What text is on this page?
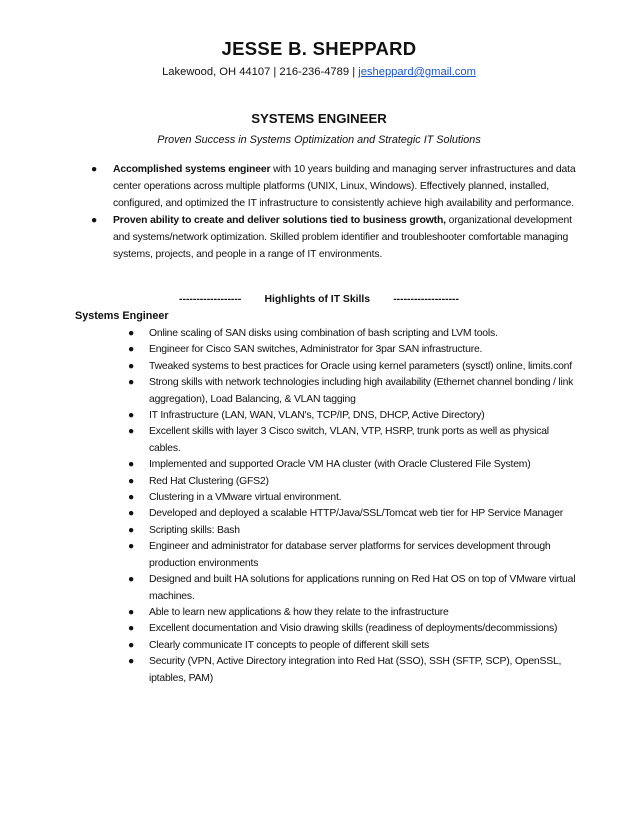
JESSE B. SHEPPARD
Lakewood, OH 44107 | 216-236-4789 | jesheppard@gmail.com
SYSTEMS ENGINEER
Proven Success in Systems Optimization and Strategic IT Solutions
● Accomplished systems engineer with 10 years building and managing server infrastructures and data center operations across multiple platforms (UNIX, Linux, Windows). Effectively planned, installed, configured, and optimized the IT infrastructure to consistently achieve high availability and performance.
● Proven ability to create and deliver solutions tied to business growth, organizational development and systems/network optimization. Skilled problem identifier and troubleshooter comfortable managing systems, projects, and people in a range of IT environments.
------------------ Highlights of IT Skills -------------------
Systems Engineer
● Online scaling of SAN disks using combination of bash scripting and LVM tools.
● Engineer for Cisco SAN switches, Administrator for 3par SAN infrastructure.
● Tweaked systems to best practices for Oracle using kernel parameters (sysctl) online, limits.conf
● Strong skills with network technologies including high availability (Ethernet channel bonding / link aggregation), Load Balancing, & VLAN tagging
● IT Infrastructure (LAN, WAN, VLAN's, TCP/IP, DNS, DHCP, Active Directory)
● Excellent skills with layer 3 Cisco switch, VLAN, VTP, HSRP, trunk ports as well as physical cables.
● Implemented and supported Oracle VM HA cluster (with Oracle Clustered File System)
● Red Hat Clustering (GFS2)
● Clustering in a VMware virtual environment.
● Developed and deployed a scalable HTTP/Java/SSL/Tomcat web tier for HP Service Manager
● Scripting skills: Bash
● Engineer and administrator for database server platforms for services development through production environments
● Designed and built HA solutions for applications running on Red Hat OS on top of VMware virtual machines.
● Able to learn new applications & how they relate to the infrastructure
● Excellent documentation and Visio drawing skills (readiness of deployments/decommissions)
● Clearly communicate IT concepts to people of different skill sets
● Security (VPN, Active Directory integration into Red Hat (SSO), SSH (SFTP, SCP), OpenSSL, iptables, PAM)
